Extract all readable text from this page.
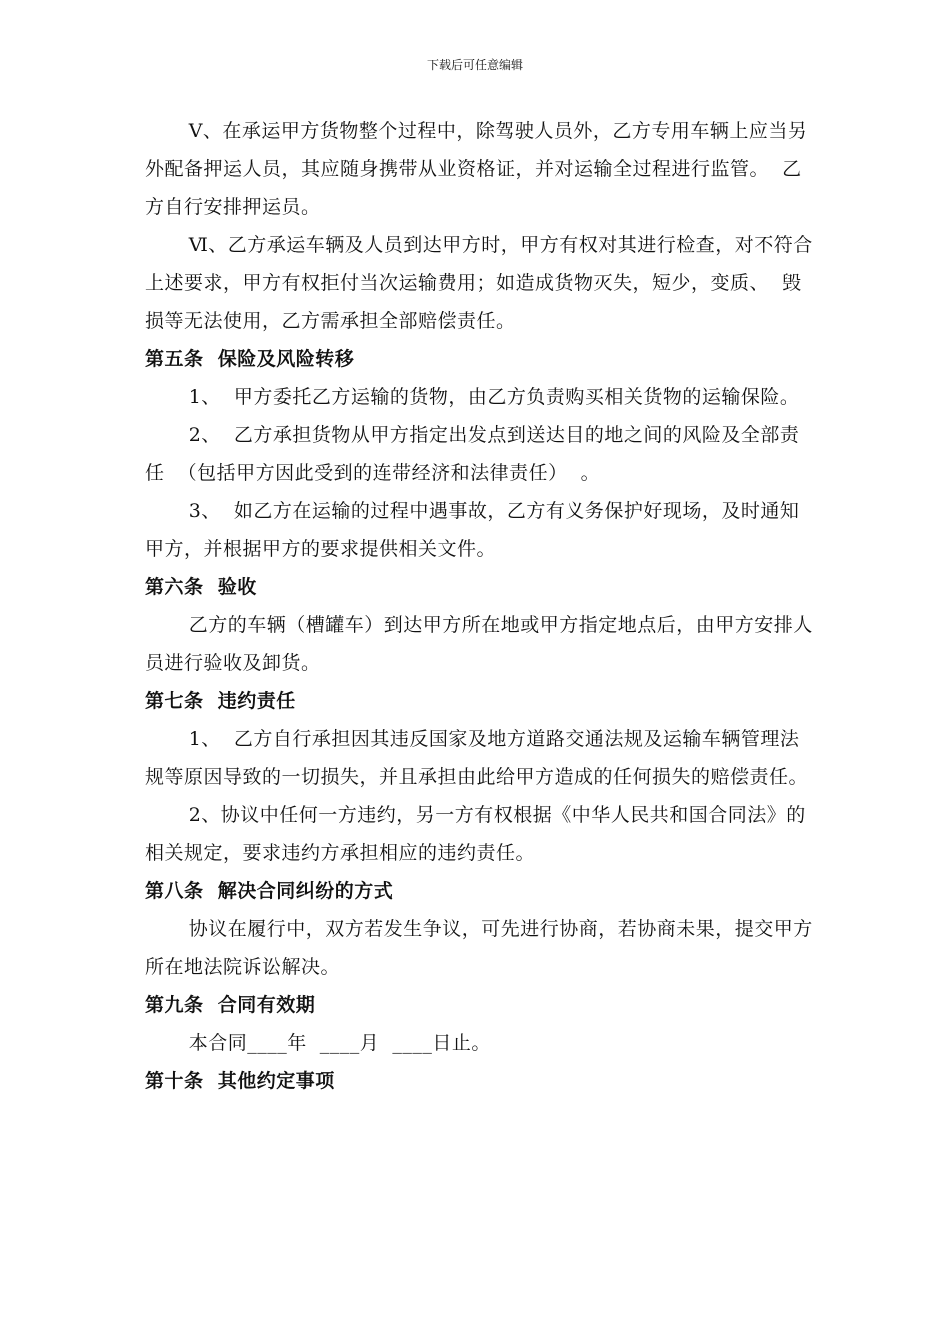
下载后可任意编辑

Ⅴ、在承运甲方货物整个过程中，除驾驶人员外，乙方专用车辆上应当另外配备押运人员，其应随身携带从业资格证，并对运输全过程进行监管。  乙方自行安排押运员。

Ⅵ、乙方承运车辆及人员到达甲方时，甲方有权对其进行检查，对不符合上述要求，甲方有权拒付当次运输费用；如造成货物灭失，短少，变质、  毁损等无法使用，乙方需承担全部赔偿责任。

第五条  保险及风险转移

1、  甲方委托乙方运输的货物，由乙方负责购买相关货物的运输保险。

2、  乙方承担货物从甲方指定出发点到送达目的地之间的风险及全部责任  （包括甲方因此受到的连带经济和法律责任）  。

3、  如乙方在运输的过程中遇事故，乙方有义务保护好现场，及时通知甲方，并根据甲方的要求提供相关文件。

第六条  验收

乙方的车辆（槽罐车）到达甲方所在地或甲方指定地点后，由甲方安排人员进行验收及卸货。

第七条  违约责任

1、  乙方自行承担因其违反国家及地方道路交通法规及运输车辆管理法规等原因导致的一切损失，并且承担由此给甲方造成的任何损失的赔偿责任。

2、协议中任何一方违约，另一方有权根据《中华人民共和国合同法》的相关规定，要求违约方承担相应的违约责任。

第八条  解决合同纠纷的方式

协议在履行中，双方若发生争议，可先进行协商，若协商未果，提交甲方所在地法院诉讼解决。

第九条  合同有效期

本合同____年  ____月  ____日止。

第十条  其他约定事项
